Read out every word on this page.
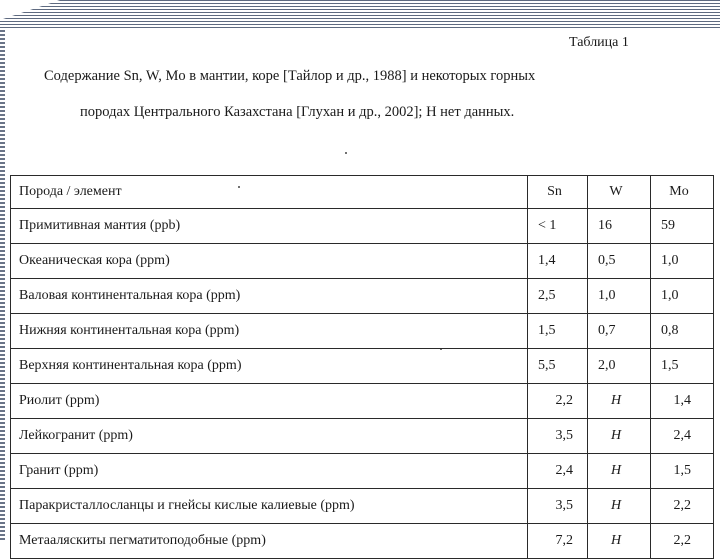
Таблица 1
Содержание Sn, W, Mo в мантии, коре [Тайлор и др., 1988] и некоторых горных
породах Центрального Казахстана [Глухан и др., 2002]; Н нет данных.
Порода / элемент	Sn	W	Mo
Примитивная мантия (ppb)	< 1	16	59
Океаническая кора (ppm)	1,4	0,5	1,0
Валовая континентальная кора (ppm)	2,5	1,0	1,0
Нижняя континентальная кора (ppm)	1,5	0,7	0,8
Верхняя континентальная кора (ppm)	5,5	2,0	1,5
Риолит (ppm)	2,2	Н	1,4
Лейкогранит (ppm)	3,5	Н	2,4
Гранит (ppm)	2,4	Н	1,5
Паракристаллосланцы и гнейсы кислые калиевые (ppm)	3,5	Н	2,2
Метааляскиты пегматитоподобные (ppm)	7,2	Н	2,2
